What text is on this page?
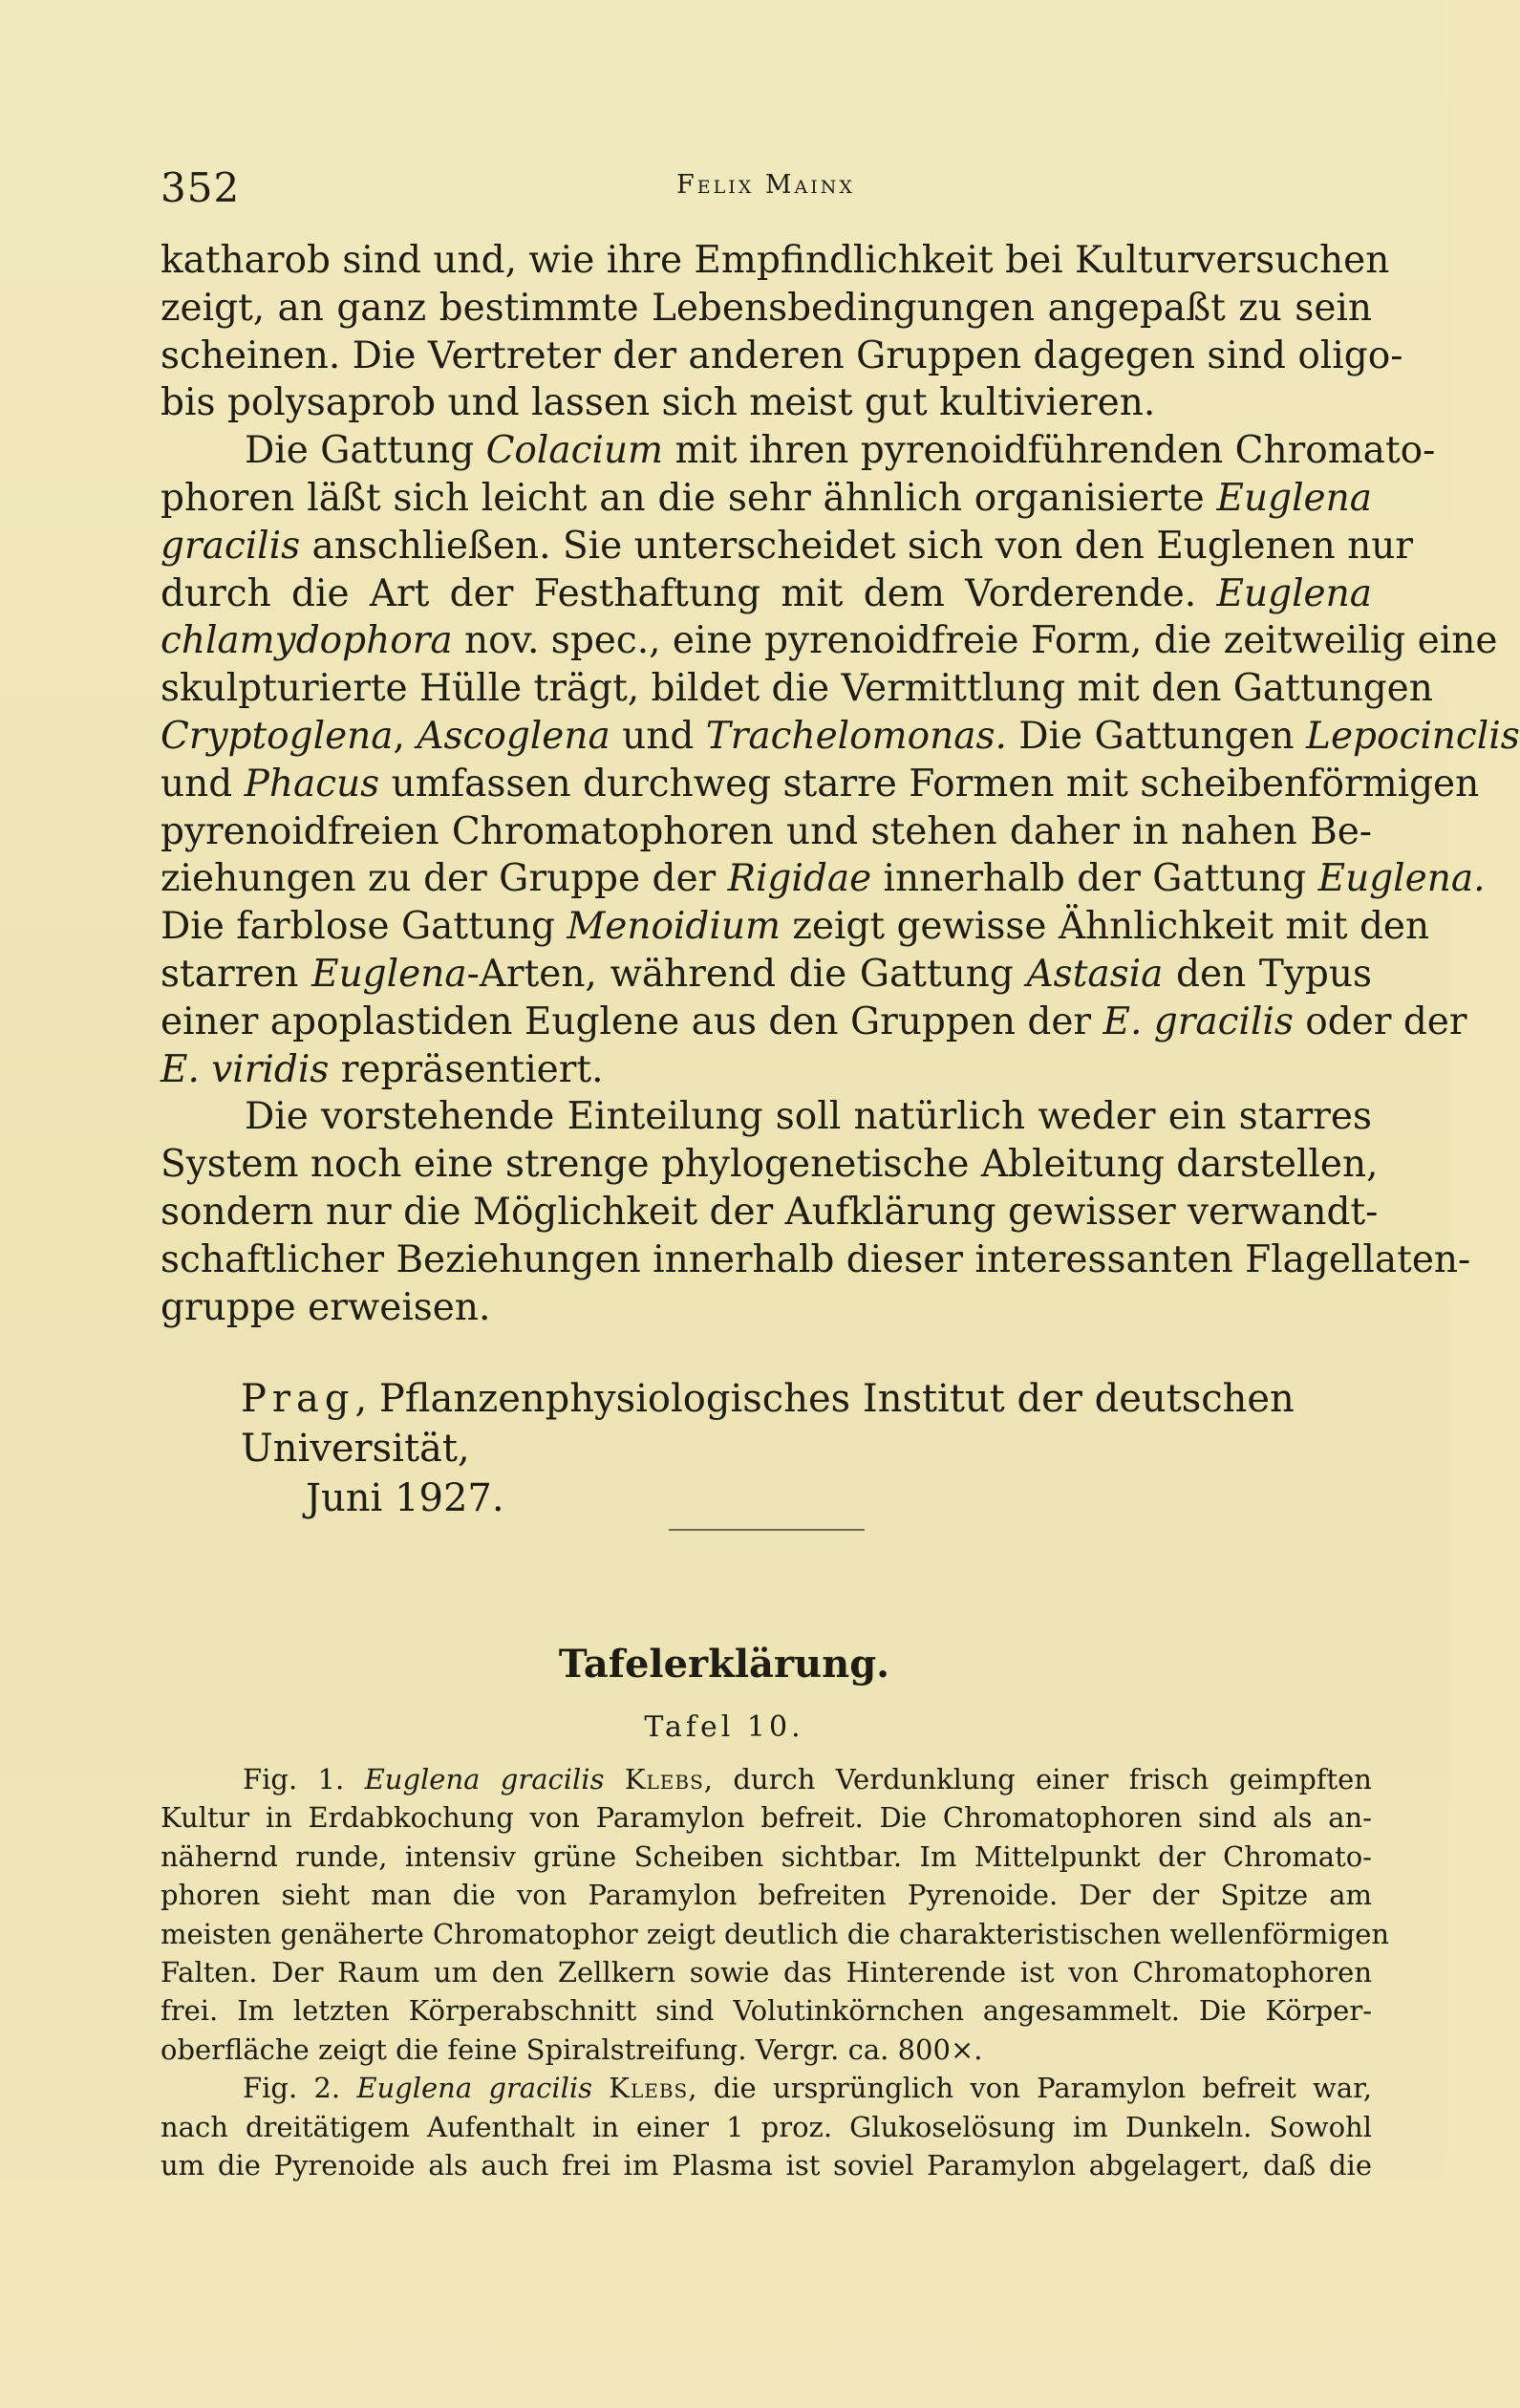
352	Felix Mainx
katharob sind und, wie ihre Empfindlichkeit bei Kulturversuchen
zeigt, an ganz bestimmte Lebensbedingungen angepaßt zu sein
scheinen. Die Vertreter der anderen Gruppen dagegen sind oligo-
bis polysaprob und lassen sich meist gut kultivieren.
Die Gattung Colacium mit ihren pyrenoidführenden Chromato-
phoren läßt sich leicht an die sehr ähnlich organisierte Euglena
gracilis anschließen. Sie unterscheidet sich von den Euglenen nur
durch die Art der Festhaftung mit dem Vorderende. Euglena
chlamydophora nov. spec., eine pyrenoidfreie Form, die zeitweilig eine
skulpturierte Hülle trägt, bildet die Vermittlung mit den Gattungen
Cryptoglena, Ascoglena und Trachelomonas. Die Gattungen Lepocinclis
und Phacus umfassen durchweg starre Formen mit scheibenförmigen
pyrenoidfreien Chromatophoren und stehen daher in nahen Be-
ziehungen zu der Gruppe der Rigidae innerhalb der Gattung Euglena.
Die farblose Gattung Menoidium zeigt gewisse Ähnlichkeit mit den
starren Euglena-Arten, während die Gattung Astasia den Typus
einer apoplastiden Euglene aus den Gruppen der E. gracilis oder der
E. viridis repräsentiert.
Die vorstehende Einteilung soll natürlich weder ein starres
System noch eine strenge phylogenetische Ableitung darstellen,
sondern nur die Möglichkeit der Aufklärung gewisser verwandt-
schaftlicher Beziehungen innerhalb dieser interessanten Flagellaten-
gruppe erweisen.
Prag, Pflanzenphysiologisches Institut der deutschen Universität,
Juni 1927.
Tafelerklärung.
Tafel 10.
Fig. 1. Euglena gracilis Klebs, durch Verdunklung einer frisch geimpften
Kultur in Erdabkochung von Paramylon befreit. Die Chromatophoren sind als an-
nähernd runde, intensiv grüne Scheiben sichtbar. Im Mittelpunkt der Chromato-
phoren sieht man die von Paramylon befreiten Pyrenoide. Der der Spitze am
meisten genäherte Chromatophor zeigt deutlich die charakteristischen wellenförmigen
Falten. Der Raum um den Zellkern sowie das Hinterende ist von Chromatophoren
frei. Im letzten Körperabschnitt sind Volutinkörnchen angesammelt. Die Körper-
oberfläche zeigt die feine Spiralstreifung. Vergr. ca. 800×.
Fig. 2. Euglena gracilis Klebs, die ursprünglich von Paramylon befreit war,
nach dreitätigem Aufenthalt in einer 1 proz. Glukoselösung im Dunkeln. Sowohl
um die Pyrenoide als auch frei im Plasma ist soviel Paramylon abgelagert, daß die
